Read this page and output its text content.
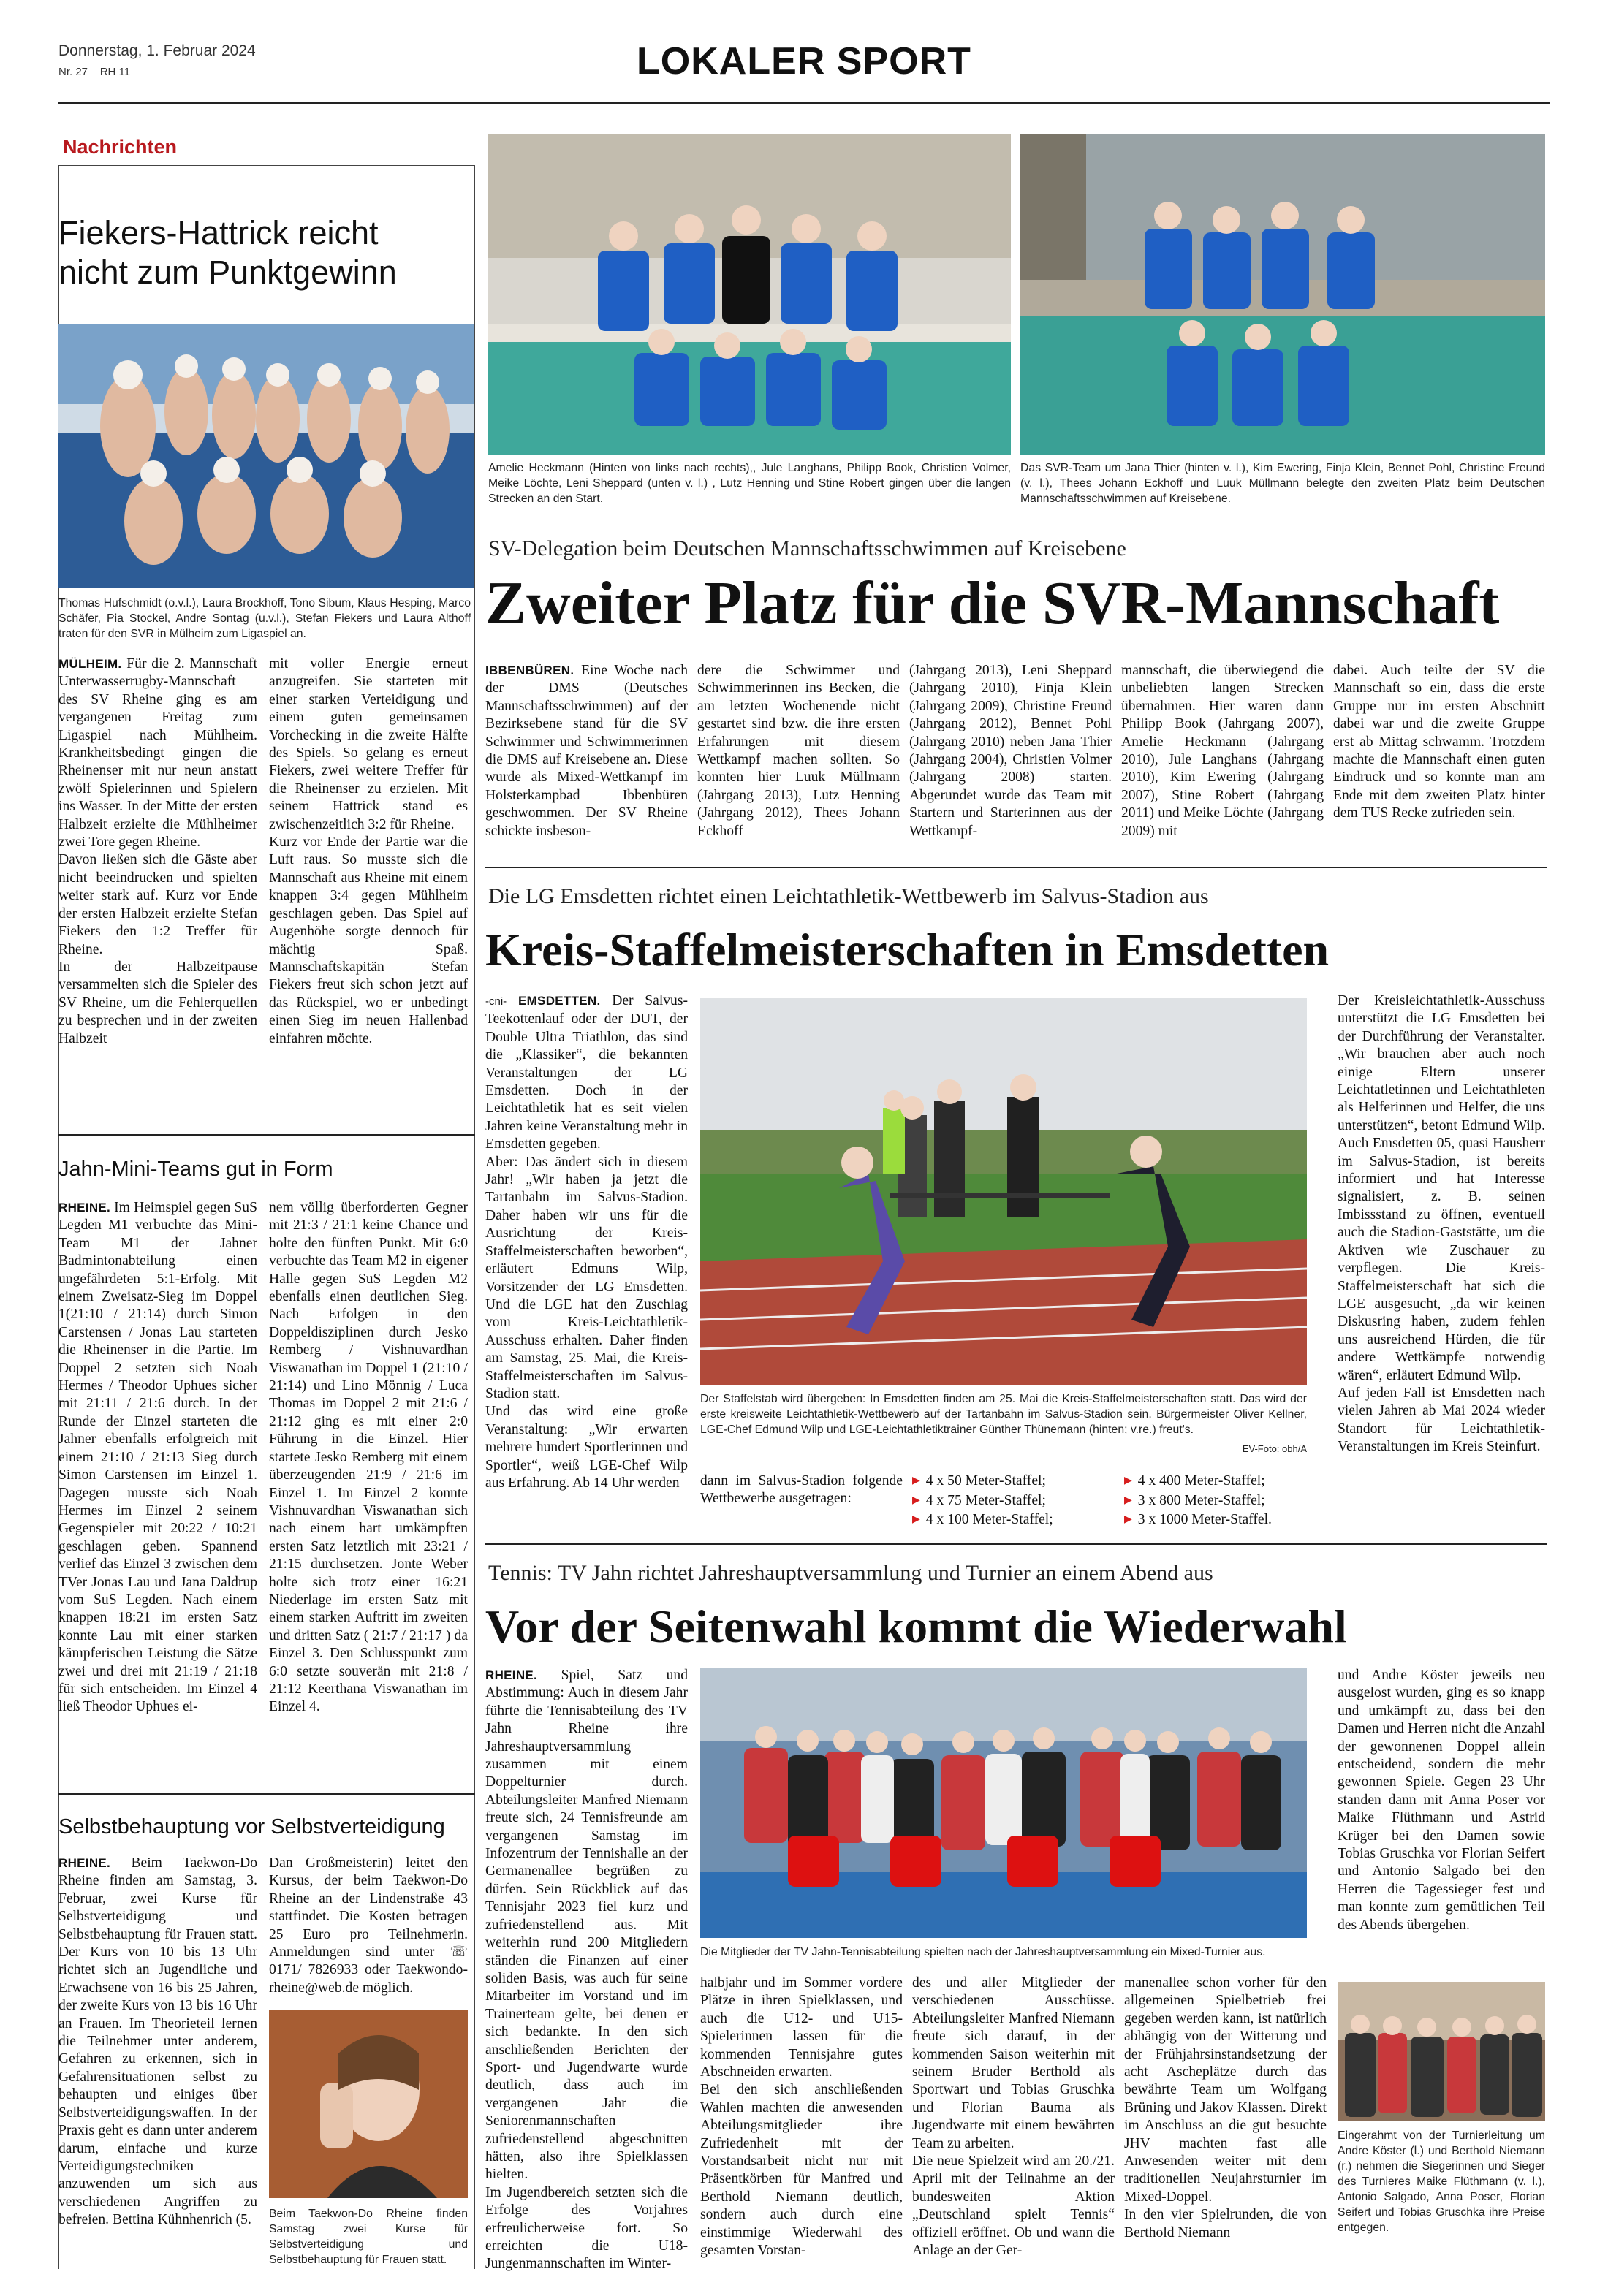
Donnerstag, 1. Februar 2024
Nr. 27 RH 11	LOKALER SPORT
Nachrichten
Fiekers-Hattrick reicht nicht zum Punktgewinn
Thomas Hufschmidt (o.v.l.), Laura Brockhoff, Tono Sibum, Klaus Hesping, Marco Schäfer, Pia Stockel, Andre Sontag (u.v.l.), Stefan Fiekers und Laura Althoff traten für den SVR in Mülheim zum Ligaspiel an.

MÜLHEIM. Für die 2. Mannschaft Unterwasserrugby-Mannschaft des SV Rheine ging es am vergangenen Freitag zum Ligaspiel nach Mühlheim. Krankheitsbedingt gingen die Rheinenser mit nur neun anstatt zwölf Spielerinnen und Spielern ins Wasser. In der Mitte der ersten Halbzeit erzielte die Mühlheimer zwei Tore gegen Rheine.

Davon ließen sich die Gäste aber nicht beeindrucken und spielten weiter stark auf. Kurz vor Ende der ersten Halbzeit erzielte Stefan Fiekers den 1:2 Treffer für Rheine.

In der Halbzeitpause versammelten sich die Spieler des SV Rheine, um die Fehlerquellen zu besprechen und in der zweiten Halbzeit

mit voller Energie erneut anzugreifen. Sie starteten mit einer starken Verteidigung und einem guten gemeinsamen Vorchecking in die zweite Hälfte des Spiels. So gelang es erneut Fiekers, zwei weitere Treffer für die Rheinenser zu erzielen. Mit seinem Hattrick stand es zwischenzeitlich 3:2 für Rheine.

Kurz vor Ende der Partie war die Luft raus. So musste sich die Mannschaft aus Rheine mit einem knappen 3:4 gegen Mühlheim geschlagen geben. Das Spiel auf Augenhöhe sorgte dennoch für mächtig Spaß. Mannschaftskapitän Stefan Fiekers freut sich schon jetzt auf das Rückspiel, wo er unbedingt einen Sieg im neuen Hallenbad einfahren möchte.

Jahn-Mini-Teams gut in Form

RHEINE. Im Heimspiel gegen SuS Legden M1 verbuchte das Mini-Team M1 der Jahner Badmintonabteilung einen ungefährdeten 5:1-Erfolg. Mit einem Zweisatz-Sieg im Doppel 1(21:10 / 21:14) durch Simon Carstensen / Jonas Lau starteten die Rheinenser in die Partie. Im Doppel 2 setzten sich Noah Hermes / Theodor Uphues sicher mit 21:11 / 21:6 durch. In der Runde der Einzel starteten die Jahner ebenfalls erfolgreich mit einem 21:10 / 21:13 Sieg durch Simon Carstensen im Einzel 1. Dagegen musste sich Noah Hermes im Einzel 2 seinem Gegenspieler mit 20:22 / 10:21 geschlagen geben. Spannend verlief das Einzel 3 zwischen dem TVer Jonas Lau und Jana Daldrup vom SuS Legden. Nach einem knappen 18:21 im ersten Satz konnte Lau mit einer starken kämpferischen Leistung die Sätze zwei und drei mit 21:19 / 21:18 für sich entscheiden. Im Einzel 4 ließ Theodor Uphues ei-

nem völlig überforderten Gegner mit 21:3 / 21:1 keine Chance und holte den fünften Punkt. Mit 6:0 verbuchte das Team M2 in eigener Halle gegen SuS Legden M2 ebenfalls einen deutlichen Sieg. Nach Erfolgen in den Doppeldisziplinen durch Jesko Remberg / Vishnuvardhan Viswanathan im Doppel 1 (21:10 / 21:14) und Lino Mönnig / Luca Thomas im Doppel 2 mit 21:6 / 21:12 ging es mit einer 2:0 Führung in die Einzel. Hier startete Jesko Remberg mit einem überzeugenden 21:9 / 21:6 im Einzel 1. Im Einzel 2 konnte Vishnuvardhan Viswanathan sich nach einem hart umkämpften ersten Satz letztlich mit 23:21 / 21:15 durchsetzen. Jonte Weber holte sich trotz einer 16:21 Niederlage im ersten Satz mit einem starken Auftritt im zweiten und dritten Satz ( 21:7 / 21:17 ) da Einzel 3. Den Schlusspunkt zum 6:0 setzte souverän mit 21:8 / 21:12 Keerthana Viswanathan im Einzel 4.

Selbstbehauptung vor Selbstverteidigung

RHEINE. Beim Taekwon-Do Rheine finden am Samstag, 3. Februar, zwei Kurse für Selbstverteidigung und Selbstbehauptung für Frauen statt. Der Kurs von 10 bis 13 Uhr richtet sich an Jugendliche und Erwachsene von 16 bis 25 Jahren, der zweite Kurs von 13 bis 16 Uhr an Frauen. Im Theorieteil lernen die Teilnehmer unter anderem, Gefahren zu erkennen, sich in Gefahrensituationen selbst zu behaupten und einiges über Selbstverteidigungswaffen. In der Praxis geht es dann unter anderem darum, einfache und kurze Verteidigungstechniken anzuwenden um sich aus verschiedenen Angriffen zu befreien. Bettina Kühnhenrich (5.

Dan Großmeisterin) leitet den Kursus, der beim Taekwon-Do Rheine an der Lindenstraße 43 stattfindet. Die Kosten betragen 25 Euro pro Teilnehmerin. Anmeldungen sind unter ☏ 0171/ 7826933 oder Taekwondo-rheine@web.de möglich.

Beim Taekwon-Do Rheine finden Samstag zwei Kurse für Selbstverteidigung und Selbstbehauptung für Frauen statt.
Amelie Heckmann (Hinten von links nach rechts),, Jule Langhans, Philipp Book, Christien Volmer, Meike Löchte, Leni Sheppard (unten v. l.) , Lutz Henning und Stine Robert gingen über die langen Strecken an den Start.
Das SVR-Team um Jana Thier (hinten v. l.), Kim Ewering, Finja Klein, Bennet Pohl, Christine Freund (v. l.), Thees Johann Eckhoff und Luuk Müllmann belegte den zweiten Platz beim Deutschen Mannschaftsschwimmen auf Kreisebene.
SV-Delegation beim Deutschen Mannschaftsschwimmen auf Kreisebene
Zweiter Platz für die SVR-Mannschaft

IBBENBÜREN. Eine Woche nach der DMS (Deutsches Mannschaftsschwimmen) auf der Bezirksebene stand für die SV Schwimmer und Schwimmerinnen die DMS auf Kreisebene an. Diese wurde als Mixed-Wettkampf im Holsterkampbad Ibbenbüren geschwommen. Der SV Rheine schickte insbeson-

dere die Schwimmer und Schwimmerinnen ins Becken, die am letzten Wochenende nicht gestartet sind bzw. die ihre ersten Erfahrungen mit diesem Wettkampf machen sollten. So konnten hier Luuk Müllmann (Jahrgang 2013), Lutz Henning (Jahrgang 2012), Thees Johann Eckhoff

(Jahrgang 2013), Leni Sheppard (Jahrgang 2010), Finja Klein (Jahrgang 2009), Christine Freund (Jahrgang 2012), Bennet Pohl (Jahrgang 2010) neben Jana Thier (Jahrgang 2004), Christien Volmer (Jahrgang 2008) starten. Abgerundet wurde das Team mit Startern und Starterinnen aus der Wettkampf-

mannschaft, die überwiegend die unbeliebten langen Strecken übernahmen. Hier waren dann Philipp Book (Jahrgang 2007), Amelie Heckmann (Jahrgang 2010), Jule Langhans (Jahrgang 2010), Kim Ewering (Jahrgang 2007), Stine Robert (Jahrgang 2011) und Meike Löchte (Jahrgang 2009) mit

dabei. Auch teilte der SV die Mannschaft so ein, dass die erste Gruppe nur im ersten Abschnitt dabei war und die zweite Gruppe erst ab Mittag schwamm. Trotzdem machte die Mannschaft einen guten Eindruck und so konnte man am Ende mit dem zweiten Platz hinter dem TUS Recke zufrieden sein.

Die LG Emsdetten richtet einen Leichtathletik-Wettbewerb im Salvus-Stadion aus
Kreis-Staffelmeisterschaften in Emsdetten

-cni- EMSDETTEN. Der Salvus-Teekottenlauf oder der DUT, der Double Ultra Triathlon, das sind die „Klassiker“, die bekannten Veranstaltungen der LG Emsdetten. Doch in der Leichtathletik hat es seit vielen Jahren keine Veranstaltung mehr in Emsdetten gegeben.

Aber: Das ändert sich in diesem Jahr! „Wir haben ja jetzt die Tartanbahn im Salvus-Stadion. Daher haben wir uns für die Ausrichtung der Kreis-Staffelmeisterschaften beworben“, erläutert Edmuns Wilp, Vorsitzender der LG Emsdetten. Und die LGE hat den Zuschlag vom Kreis-Leichtathletik-Ausschuss erhalten. Daher finden am Samstag, 25. Mai, die Kreis-Staffelmeisterschaften im Salvus-Stadion statt.

Und das wird eine große Veranstaltung: „Wir erwarten mehrere hundert Sportlerinnen und Sportler“, weiß LGE-Chef Wilp aus Erfahrung. Ab 14 Uhr werden

Der Staffelstab wird übergeben: In Emsdetten finden am 25. Mai die Kreis-Staffelmeisterschaften statt. Das wird der erste kreisweite Leichtathletik-Wettbewerb auf der Tartanbahn im Salvus-Stadion sein. Bürgermeister Oliver Kellner, LGE-Chef Edmund Wilp und LGE-Leichtathletiktrainer Günther Thünemann (hinten; v.re.) freut's.
EV-Foto: obh/A
dann im Salvus-Stadion folgende Wettbewerbe ausgetragen:
▶ 4 x 50 Meter-Staffel;
▶ 4 x 75 Meter-Staffel;
▶ 4 x 100 Meter-Staffel;
▶ 4 x 400 Meter-Staffel;
▶ 3 x 800 Meter-Staffel;
▶ 3 x 1000 Meter-Staffel.

Der Kreisleichtathletik-Ausschuss unterstützt die LG Emsdetten bei der Durchführung der Veranstalter. „Wir brauchen aber auch noch einige Eltern unserer Leichtatletinnen und Leichtathleten als Helferinnen und Helfer, die uns unterstützen“, betont Edmund Wilp. Auch Emsdetten 05, quasi Hausherr im Salvus-Stadion, ist bereits informiert und hat Interesse signalisiert, z. B. seinen Imbissstand zu öffnen, eventuell auch die Stadion-Gaststätte, um die Aktiven wie Zuschauer zu verpflegen. Die Kreis-Staffelmeisterschaft hat sich die LGE ausgesucht, „da wir keinen Diskusring haben, zudem fehlen uns ausreichend Hürden, die für andere Wettkämpfe notwendig wären“, erläutert Edmund Wilp.

Auf jeden Fall ist Emsdetten nach vielen Jahren ab Mai 2024 wieder Standort für Leichtathletik-Veranstaltungen im Kreis Steinfurt.

Tennis: TV Jahn richtet Jahreshauptversammlung und Turnier an einem Abend aus
Vor der Seitenwahl kommt die Wiederwahl

RHEINE. Spiel, Satz und Abstimmung: Auch in diesem Jahr führte die Tennisabteilung des TV Jahn Rheine ihre Jahreshauptversammlung zusammen mit einem Doppelturnier durch. Abteilungsleiter Manfred Niemann freute sich, 24 Tennisfreunde am vergangenen Samstag im Infozentrum der Tennishalle an der Germanenallee begrüßen zu dürfen. Sein Rückblick auf das Tennisjahr 2023 fiel kurz und zufriedenstellend aus. Mit weiterhin rund 200 Mitgliedern ständen die Finanzen auf einer soliden Basis, was auch für seine Mitarbeiter im Vorstand und im Trainerteam gelte, bei denen er sich bedankte. In den sich anschließenden Berichten der Sport- und Jugendwarte wurde deutlich, dass auch im vergangenen Jahr die Seniorenmannschaften zufriedenstellend abgeschnitten hätten, also ihre Spielklassen hielten.

Im Jugendbereich setzten sich die Erfolge des Vorjahres erfreulicherweise fort. So erreichten die U18-Jungenmannschaften im Winter-

Die Mitglieder der TV Jahn-Tennisabteilung spielten nach der Jahreshauptversammlung ein Mixed-Turnier aus.

halbjahr und im Sommer vordere Plätze in ihren Spielklassen, und auch die U12- und U15-Spielerinnen lassen für die kommenden Tennisjahre gutes Abschneiden erwarten.

Bei den sich anschließenden Wahlen machten die anwesenden Abteilungsmitglieder ihre Zufriedenheit mit der Vorstandsarbeit nicht nur mit Präsentkörben für Manfred und Berthold Niemann deutlich, sondern auch durch eine einstimmige Wiederwahl des gesamten Vorstan-

des und aller Mitglieder der verschiedenen Ausschüsse. Abteilungsleiter Manfred Niemann freute sich darauf, in der kommenden Saison weiterhin mit seinem Bruder Berthold als Sportwart und Tobias Gruschka und Florian Bauma als Jugendwarte mit einem bewährten Team zu arbeiten.

Die neue Spielzeit wird am 20./21. April mit der Teilnahme an der bundesweiten Aktion „Deutschland spielt Tennis“ offiziell eröffnet. Ob und wann die Anlage an der Ger-

manenallee schon vorher für den allgemeinen Spielbetrieb frei gegeben werden kann, ist natürlich abhängig von der Witterung und der Frühjahrsinstandsetzung der acht Ascheplätze durch das bewährte Team um Wolfgang Brüning und Jakov Klassen. Direkt im Anschluss an die gut besuchte JHV machten fast alle Anwesenden weiter mit dem traditionellen Neujahrsturnier im Mixed-Doppel.

In den vier Spielrunden, die von Berthold Niemann

und Andre Köster jeweils neu ausgelost wurden, ging es so knapp und umkämpft zu, dass bei den Damen und Herren nicht die Anzahl der gewonnenen Doppel allein entscheidend, sondern die mehr gewonnen Spiele. Gegen 23 Uhr standen dann mit Anna Poser vor Maike Flüthmann und Astrid Krüger bei den Damen sowie Tobias Gruschka vor Florian Seifert und Antonio Salgado bei den Herren die Tagessieger fest und man konnte zum gemütlichen Teil des Abends übergehen.

Eingerahmt von der Turnierleitung um Andre Köster (l.) und Berthold Niemann (r.) nehmen die Siegerinnen und Sieger des Turnieres Maike Flüthmann (v. l.), Antonio Salgado, Anna Poser, Florian Seifert und Tobias Gruschka ihre Preise entgegen.
